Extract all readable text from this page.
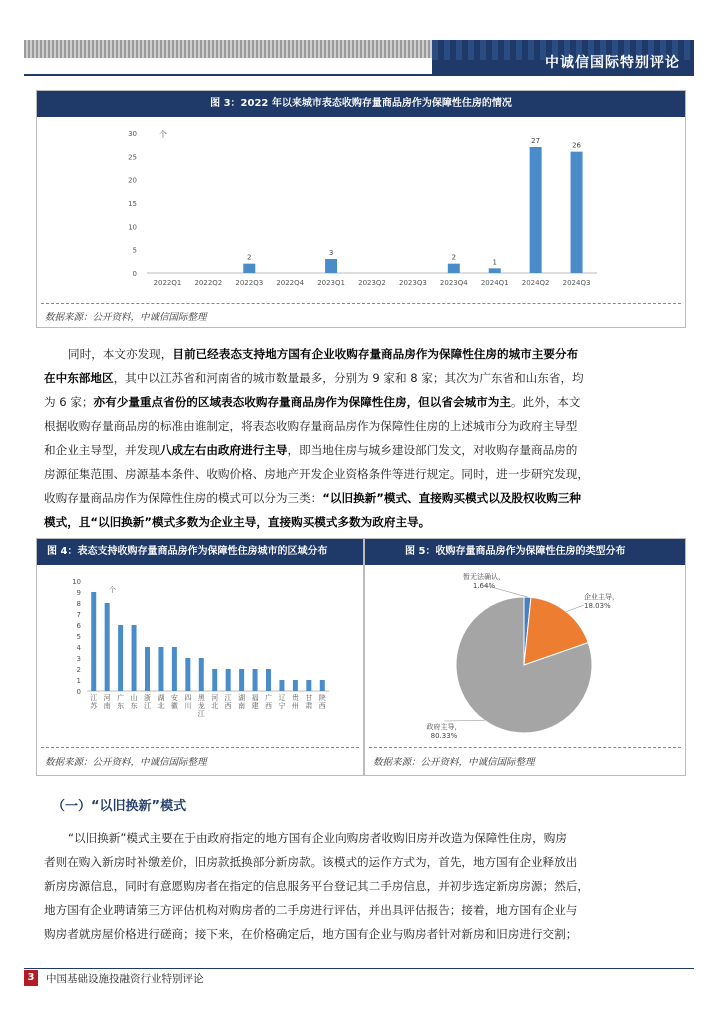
中诚信国际特别评论
图 3：2022 年以来城市表态收购存量商品房作为保障性住房的情况
0
5
10
15
20
25
30	个
2022Q1 2022Q2
2
2022Q3 2022Q4
3
2023Q1 2023Q2 2023Q3
2
2023Q4
1
2024Q1
27
2024Q2
26
2024Q3
数据来源：公开资料，中诚信国际整理
同时，本文亦发现，目前已经表态支持地方国有企业收购存量商品房作为保障性住房的城市主要分布
在中东部地区，其中以江苏省和河南省的城市数量最多，分别为 9 家和 8 家；其次为广东省和山东省，均
为 6 家；亦有少量重点省份的区域表态收购存量商品房作为保障性住房，但以省会城市为主。此外，本文
根据收购存量商品房的标准由谁制定，将表态收购存量商品房作为保障性住房的上述城市分为政府主导型
和企业主导型，并发现八成左右由政府进行主导，即当地住房与城乡建设部门发文，对收购存量商品房的
房源征集范围、房源基本条件、收购价格、房地产开发企业资格条件等进行规定。同时，进一步研究发现，
收购存量商品房作为保障性住房的模式可以分为三类：“以旧换新”模式、直接购买模式以及股权收购三种
模式，且“以旧换新”模式多数为企业主导，直接购买模式多数为政府主导。
图 4：表态支持收购存量商品房作为保障性住房城市的区域分布
0
1
2
3
4
5
6
7
8
9
10
个
江苏
河南
广东
山东
浙江
湖北
安徽
四川
黑龙江
河北
江西
湖南
福建
广西
辽宁
贵州
甘肃
陕西
数据来源：公开资料，中诚信国际整理
图 5：收购存量商品房作为保障性住房的类型分布
暂无法确认，
1.64%
企业主导，
18.03%
政府主导，
80.33%
数据来源：公开资料，中诚信国际整理
（一）“以旧换新”模式
“以旧换新”模式主要在于由政府指定的地方国有企业向购房者收购旧房并改造为保障性住房，购房
者则在购入新房时补缴差价，旧房款抵换部分新房款。该模式的运作方式为，首先，地方国有企业释放出
新房房源信息，同时有意愿购房者在指定的信息服务平台登记其二手房信息，并初步选定新房房源；然后，
地方国有企业聘请第三方评估机构对购房者的二手房进行评估，并出具评估报告；接着，地方国有企业与
购房者就房屋价格进行磋商；接下来，在价格确定后，地方国有企业与购房者针对新房和旧房进行交割；
3	中国基础设施投融资行业特别评论
